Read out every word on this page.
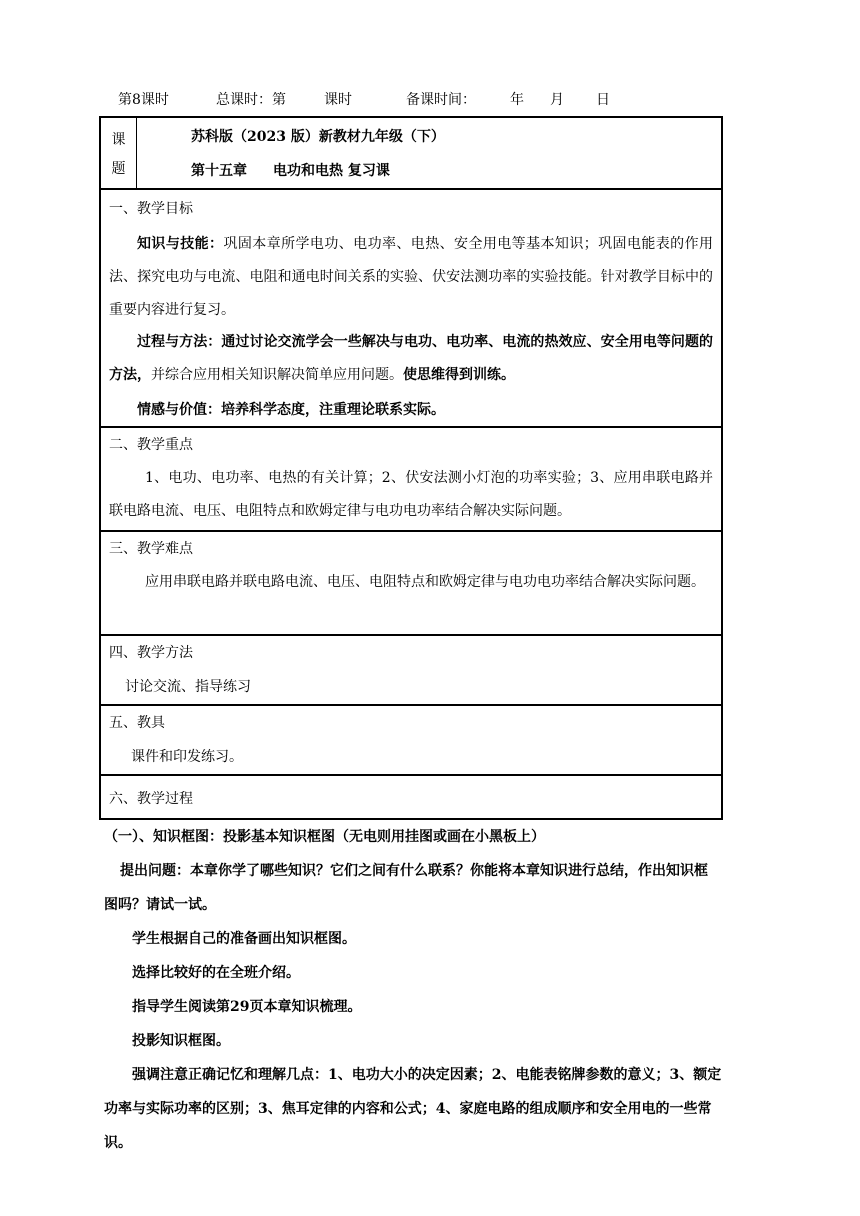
第8课时	总课时：第	课时	备课时间： 年 月 日
课
题
苏科版（2023 版）新教材九年级（下）
第十五章 电功和电热 复习课
一、教学目标
知识与技能：巩固本章所学电功、电功率、电热、安全用电等基本知识；巩固电能表的作用法、探究电功与电流、电阻和通电时间关系的实验、伏安法测功率的实验技能。针对教学目标中的重要内容进行复习。
过程与方法：通过讨论交流学会一些解决与电功、电功率、电流的热效应、安全用电等问题的方法，并综合应用相关知识解决简单应用问题。使思维得到训练。
情感与价值：培养科学态度，注重理论联系实际。
二、教学重点
1、电功、电功率、电热的有关计算；2、伏安法测小灯泡的功率实验；3、应用串联电路并联电路电流、电压、电阻特点和欧姆定律与电功电功率结合解决实际问题。
三、教学难点
应用串联电路并联电路电流、电压、电阻特点和欧姆定律与电功电功率结合解决实际问题。
四、教学方法
讨论交流、指导练习
五、教具
课件和印发练习。
六、教学过程
（一）、知识框图：投影基本知识框图（无电则用挂图或画在小黑板上）
提出问题：本章你学了哪些知识？它们之间有什么联系？你能将本章知识进行总结，作出知识框
图吗？请试一试。
学生根据自己的准备画出知识框图。
选择比较好的在全班介绍。
指导学生阅读第29页本章知识梳理。
投影知识框图。
强调注意正确记忆和理解几点：1、电功大小的决定因素；2、电能表铭牌参数的意义；3、额定
功率与实际功率的区别；3、焦耳定律的内容和公式；4、家庭电路的组成顺序和安全用电的一些常
识。
